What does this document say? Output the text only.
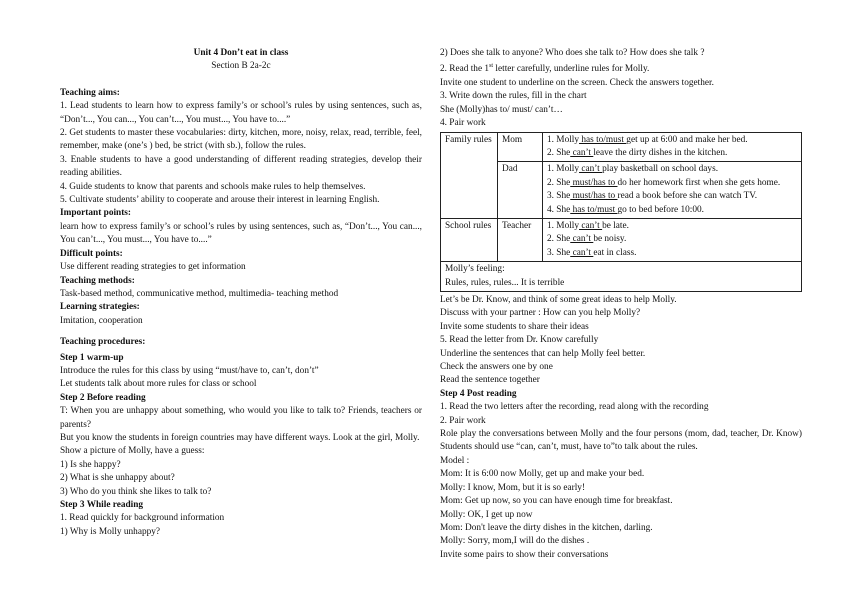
Unit 4 Don’t eat in class
Section B 2a-2c
Teaching aims:
1. Lead students to learn how to express family’s or school’s rules by using sentences, such as, “Don’t..., You can..., You can’t..., You must..., You have to....”
2. Get students to master these vocabularies: dirty, kitchen, more, noisy, relax, read, terrible, feel, remember, make (one’s ) bed, be strict (with sb.), follow the rules.
3. Enable students to have a good understanding of different reading strategies, develop their reading abilities.
4. Guide students to know that parents and schools make rules to help themselves.
5. Cultivate students’ ability to cooperate and arouse their interest in learning English.
Important points:
learn how to express family’s or school’s rules by using sentences, such as, “Don’t..., You can..., You can’t..., You must..., You have to....”
Difficult points:
Use different reading strategies to get information
Teaching methods:
Task-based method, communicative method, multimedia- teaching method
Learning strategies:
Imitation, cooperation
Teaching procedures:
Step 1 warm-up
Introduce the rules for this class by using “must/have to, can’t, don’t”
Let students talk about more rules for class or school
Step 2 Before reading
T: When you are unhappy about something, who would you like to talk to? Friends, teachers or parents?
But you know the students in foreign countries may have different ways. Look at the girl, Molly.
Show a picture of Molly, have a guess:
1) Is she happy?
2) What is she unhappy about?
3) Who do you think she likes to talk to?
Step 3 While reading
1. Read quickly for background information
1) Why is Molly unhappy?
2) Does she talk to anyone? Who does she talk to? How does she talk ?
2. Read the 1st letter carefully, underline rules for Molly.
Invite one student to underline on the screen. Check the answers together.
3. Write down the rules, fill in the chart
She (Molly)has to/ must/ can’t…
4. Pair work
Family rules	Mom	1. Molly has to/must get up at 6:00 and make her bed.
2. She can’t leave the dirty dishes in the kitchen.

	Dad	1. Molly can’t play basketball on school days.
2. She must/has to do her homework first when she gets home.
3. She must/has to read a book before she can watch TV.
4. She has to/must go to bed before 10:00.

School rules	Teacher	1. Molly can’t be late.
2. She can’t be noisy.
3. She can’t eat in class.

Molly’s feeling:
Rules, rules, rules... It is terrible		
Let’s be Dr. Know, and think of some great ideas to help Molly.
Discuss with your partner : How can you help Molly?
Invite some students to share their ideas
5. Read the letter from Dr. Know carefully
Underline the sentences that can help Molly feel better.
Check the answers one by one
Read the sentence together
Step 4 Post reading
1. Read the two letters after the recording, read along with the recording
2. Pair work
Role play the conversations between Molly and the four persons (mom, dad, teacher, Dr. Know) Students should use “can, can’t, must, have to”to talk about the rules.
Model :
Mom: It is 6:00 now Molly, get up and make your bed.
Molly: I know, Mom, but it is so early!
Mom: Get up now, so you can have enough time for breakfast.
Molly: OK, I get up now
Mom: Don't leave the dirty dishes in the kitchen, darling.
Molly: Sorry, mom,I will do the dishes .
Invite some pairs to show their conversations
